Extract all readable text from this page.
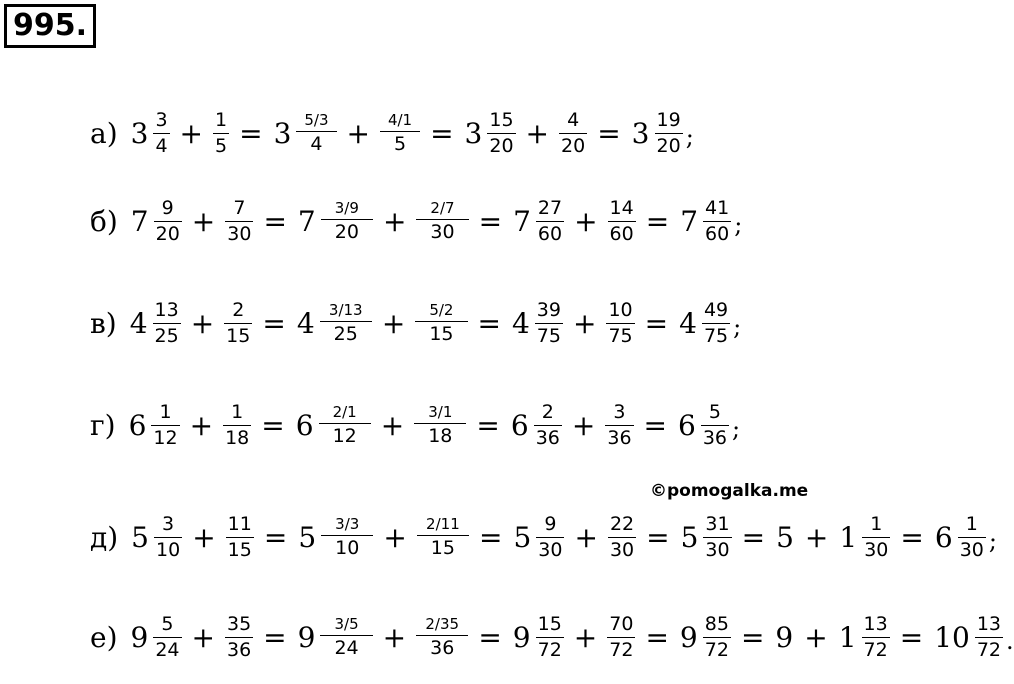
995.
а) $3 \frac{3}{4} + \frac{1}{5} = 3 \frac{5/3}{4} + \frac{4/1}{5} = 3 \frac{15}{20} + \frac{4}{20} = 3 \frac{19}{20}$ ;
б) $7 \frac{9}{20} + \frac{7}{30} = 7 \frac{3/9}{20} + \frac{2/7}{30} = 7 \frac{27}{60} + \frac{14}{60} = 7 \frac{41}{60}$ ;
в) $4 \frac{13}{25} + \frac{2}{15} = 4 \frac{3/13}{25} + \frac{5/2}{15} = 4 \frac{39}{75} + \frac{10}{75} = 4 \frac{49}{75}$ ;
г) $6 \frac{1}{12} + \frac{1}{18} = 6 \frac{2/1}{12} + \frac{3/1}{18} = 6 \frac{2}{36} + \frac{3}{36} = 6 \frac{5}{36}$ ;
д) $5 \frac{3}{10} + \frac{11}{15} = 5 \frac{3/3}{10} + \frac{2/11}{15} = 5 \frac{9}{30} + \frac{22}{30} = 5 \frac{31}{30} = 5 + 1 \frac{1}{30} = 6 \frac{1}{30}$ ;
е) $9 \frac{5}{24} + \frac{35}{36} = 9 \frac{3/5}{24} + \frac{2/35}{36} = 9 \frac{15}{72} + \frac{70}{72} = 9 \frac{85}{72} = 9 + 1 \frac{13}{72} = 10 \frac{13}{72}$ .
©pomogalka.me
